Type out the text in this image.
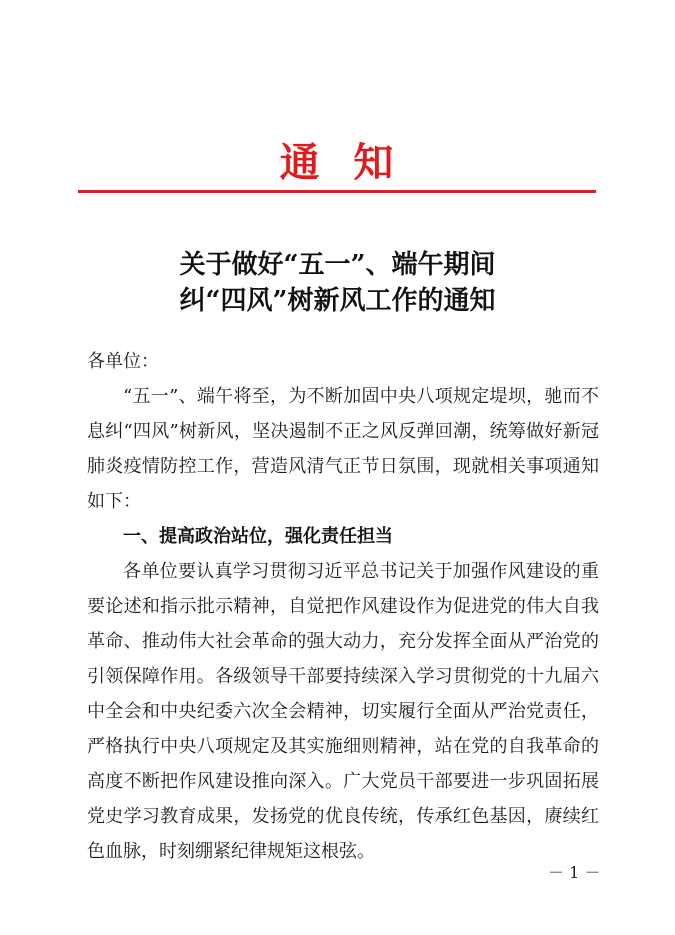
通  知
关于做好“五一”、端午期间
纠“四风”树新风工作的通知

各单位：

“五一”、端午将至，为不断加固中央八项规定堤坝，驰而不息纠“四风”树新风，坚决遏制不正之风反弹回潮，统筹做好新冠肺炎疫情防控工作，营造风清气正节日氛围，现就相关事项通知如下：

一、提高政治站位，强化责任担当

各单位要认真学习贯彻习近平总书记关于加强作风建设的重要论述和指示批示精神，自觉把作风建设作为促进党的伟大自我革命、推动伟大社会革命的强大动力，充分发挥全面从严治党的引领保障作用。各级领导干部要持续深入学习贯彻党的十九届六中全会和中央纪委六次全会精神，切实履行全面从严治党责任，严格执行中央八项规定及其实施细则精神，站在党的自我革命的高度不断把作风建设推向深入。广大党员干部要进一步巩固拓展党史学习教育成果，发扬党的优良传统，传承红色基因，赓续红色血脉，时刻绷紧纪律规矩这根弦。

－ 1 －
